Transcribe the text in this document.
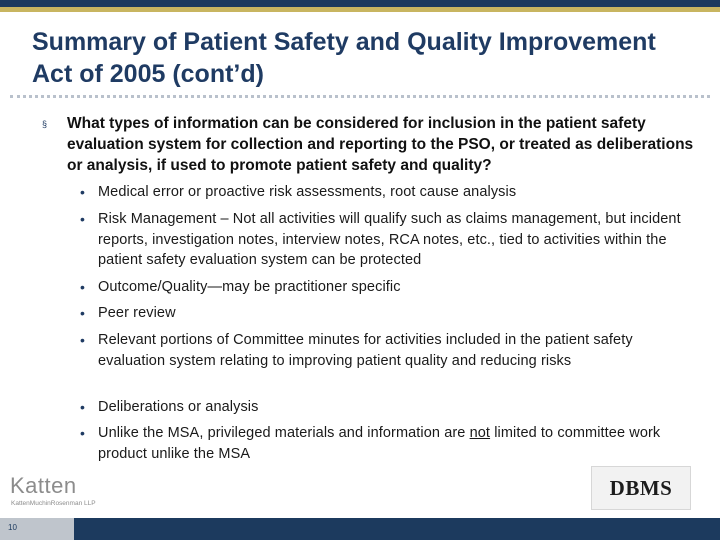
Summary of Patient Safety and Quality Improvement Act of 2005 (cont’d)
§ What types of information can be considered for inclusion in the patient safety evaluation system for collection and reporting to the PSO, or treated as deliberations or analysis, if used to promote patient safety and quality?
• Medical error or proactive risk assessments, root cause analysis
• Risk Management – Not all activities will qualify such as claims management, but incident reports, investigation notes, interview notes, RCA notes, etc., tied to activities within the patient safety evaluation system can be protected
• Outcome/Quality—may be practitioner specific
• Peer review
• Relevant portions of Committee minutes for activities included in the patient safety evaluation system relating to improving patient quality and reducing risks
• Deliberations or analysis
• Unlike the MSA, privileged materials and information are not limited to committee work product unlike the MSA
Katten
KattenMuchinRosenman LLP
DBMS
10
